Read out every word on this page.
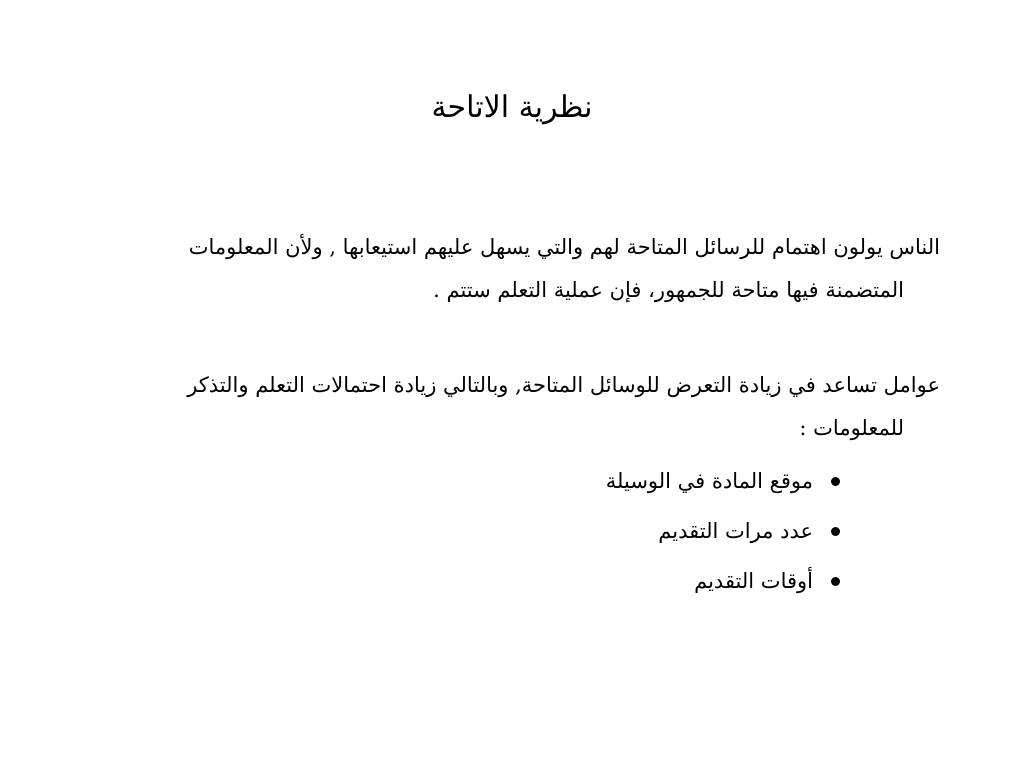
نظرية الاتاحة

الناس يولون اهتمام للرسائل المتاحة لهم والتي يسهل عليهم استيعابها , ولأن المعلومات المتضمنة فيها متاحة للجمهور، فإن عملية التعلم ستتم .

عوامل تساعد في زيادة التعرض للوسائل المتاحة, وبالتالي زيادة احتمالات التعلم والتذكر للمعلومات :

موقع المادة في الوسيلة
عدد مرات التقديم
أوقات التقديم
